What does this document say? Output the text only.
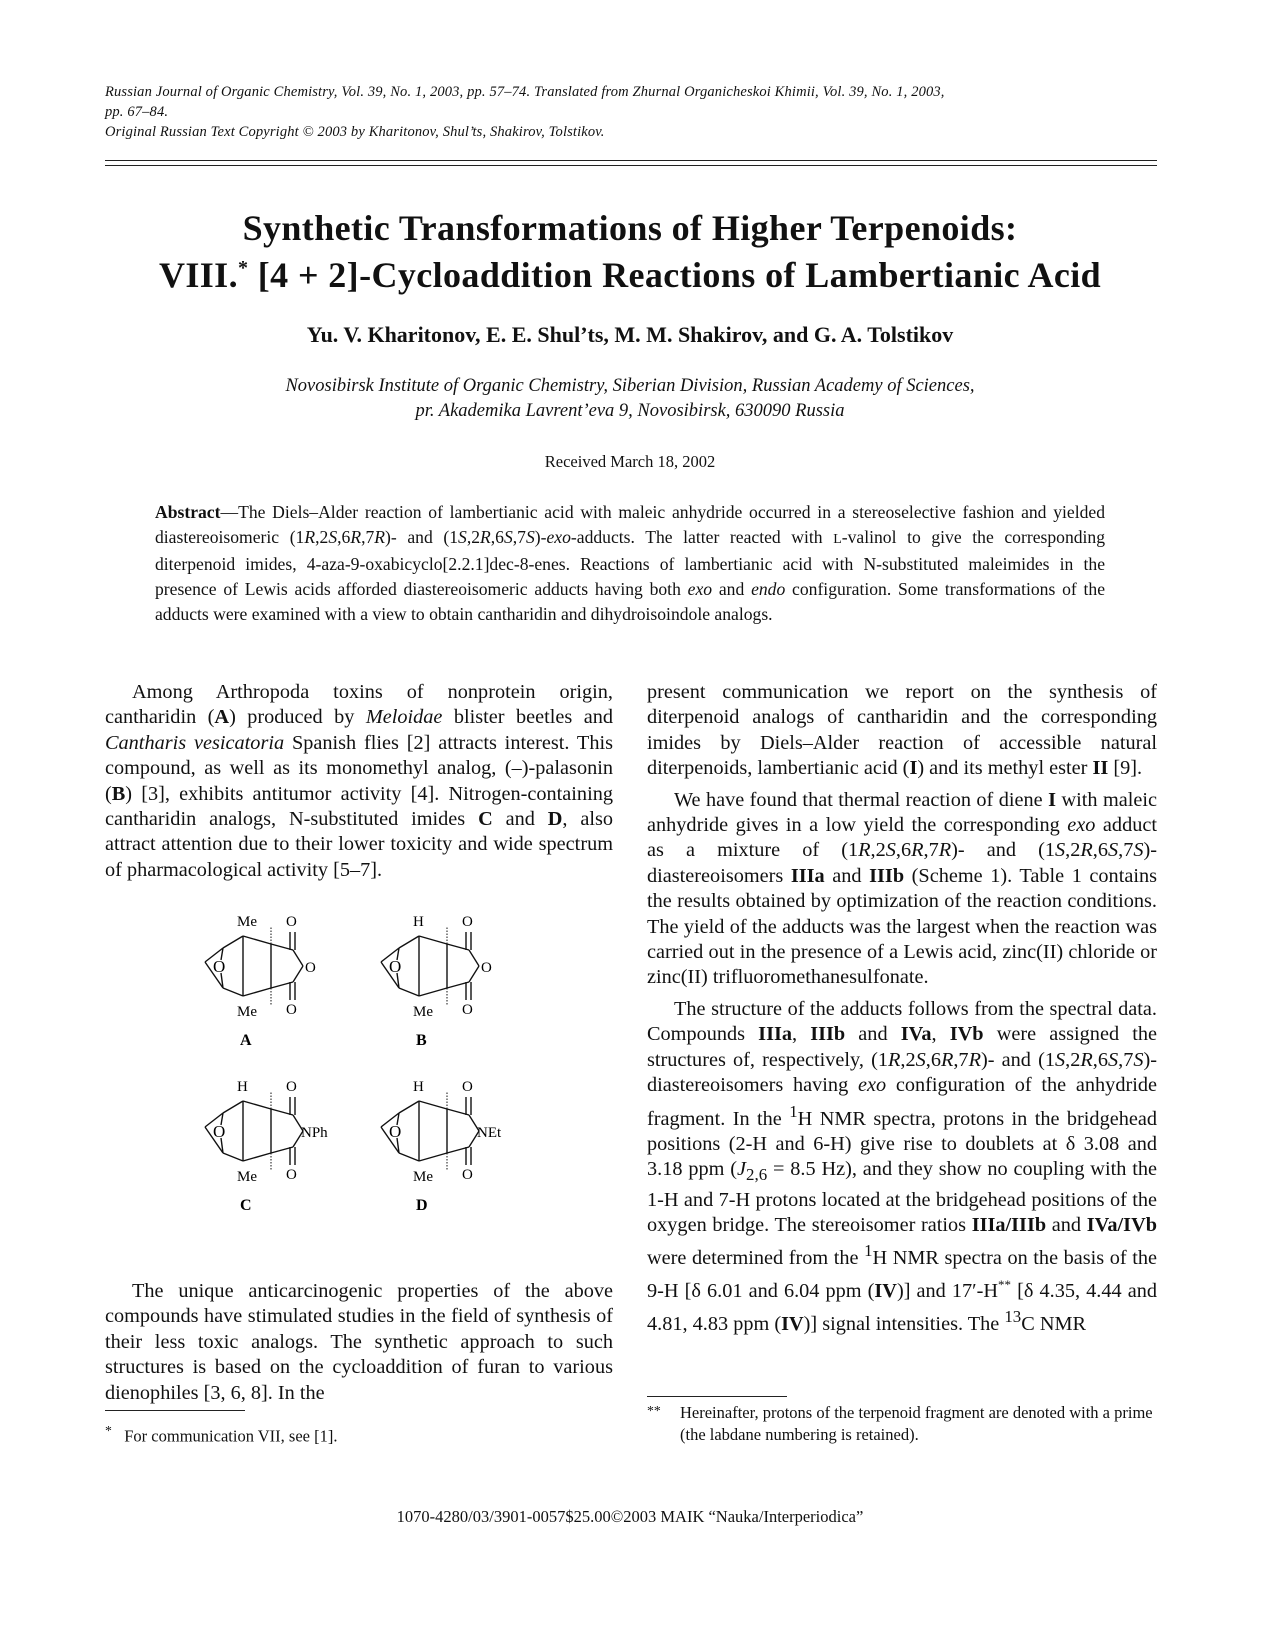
Russian Journal of Organic Chemistry, Vol. 39, No. 1, 2003, pp. 57–74. Translated from Zhurnal Organicheskoi Khimii, Vol. 39, No. 1, 2003,
pp. 67–84.
Original Russian Text Copyright © 2003 by Kharitonov, Shul’ts, Shakirov, Tolstikov.
Synthetic Transformations of Higher Terpenoids:
VIII.* [4 + 2]-Cycloaddition Reactions of Lambertianic Acid
Yu. V. Kharitonov, E. E. Shul’ts, M. M. Shakirov, and G. A. Tolstikov
Novosibirsk Institute of Organic Chemistry, Siberian Division, Russian Academy of Sciences,
pr. Akademika Lavrent’eva 9, Novosibirsk, 630090 Russia
Received March 18, 2002
Abstract—The Diels–Alder reaction of lambertianic acid with maleic anhydride occurred in a stereoselective fashion and yielded diastereoisomeric (1R,2S,6R,7R)- and (1S,2R,6S,7S)-exo-adducts. The latter reacted with L-valinol to give the corresponding diterpenoid imides, 4-aza-9-oxabicyclo[2.2.1]dec-8-enes. Reactions of lambertianic acid with N-substituted maleimides in the presence of Lewis acids afforded diastereoisomeric adducts having both exo and endo configuration. Some transformations of the adducts were examined with a view to obtain cantharidin and dihydroisoindole analogs.

Among Arthropoda toxins of nonprotein origin, cantharidin (A) produced by Meloidae blister beetles and Cantharis vesicatoria Spanish flies [2] attracts interest. This compound, as well as its monomethyl analog, (–)-palasonin (B) [3], exhibits antitumor activity [4]. Nitrogen-containing cantharidin analogs, N-substituted imides C and D, also attract attention due to their lower toxicity and wide spectrum of pharmacological activity [5–7].

O
Me
Me
O
O
O
A
O
H
Me
O
O
O
B
O
H
Me
O
O
NPh
C
O
H
Me
O
O
NEt
D

The unique anticarcinogenic properties of the above compounds have stimulated studies in the field of synthesis of their less toxic analogs. The synthetic approach to such structures is based on the cycloaddition of furan to various dienophiles [3, 6, 8]. In the

* For communication VII, see [1].

present communication we report on the synthesis of diterpenoid analogs of cantharidin and the corresponding imides by Diels–Alder reaction of accessible natural diterpenoids, lambertianic acid (I) and its methyl ester II [9].

We have found that thermal reaction of diene I with maleic anhydride gives in a low yield the corresponding exo adduct as a mixture of (1R,2S,6R,7R)- and (1S,2R,6S,7S)-diastereoisomers IIIa and IIIb (Scheme 1). Table 1 contains the results obtained by optimization of the reaction conditions. The yield of the adducts was the largest when the reaction was carried out in the presence of a Lewis acid, zinc(II) chloride or zinc(II) trifluoromethanesulfonate.

The structure of the adducts follows from the spectral data. Compounds IIIa, IIIb and IVa, IVb were assigned the structures of, respectively, (1R,2S,6R,7R)- and (1S,2R,6S,7S)-diastereoisomers having exo configuration of the anhydride fragment. In the $^1$H NMR spectra, protons in the bridgehead positions (2-H and 6-H) give rise to doublets at δ 3.08 and 3.18 ppm ($J_{2,6} = 8.5$ Hz), and they show no coupling with the 1-H and 7-H protons located at the bridgehead positions of the oxygen bridge. The stereoisomer ratios IIIa/IIIb and IVa/IVb were determined from the $^1$H NMR spectra on the basis of the 9-H [δ 6.01 and 6.04 ppm (IV)] and 17′-H** [δ 4.35, 4.44 and 4.81, 4.83 ppm (IV)] signal intensities. The $^{13}$C NMR

** Hereinafter, protons of the terpenoid fragment are denoted with a prime (the labdane numbering is retained).
1070-4280/03/3901-0057$25.00©2003 MAIK “Nauka/Interperiodica”
